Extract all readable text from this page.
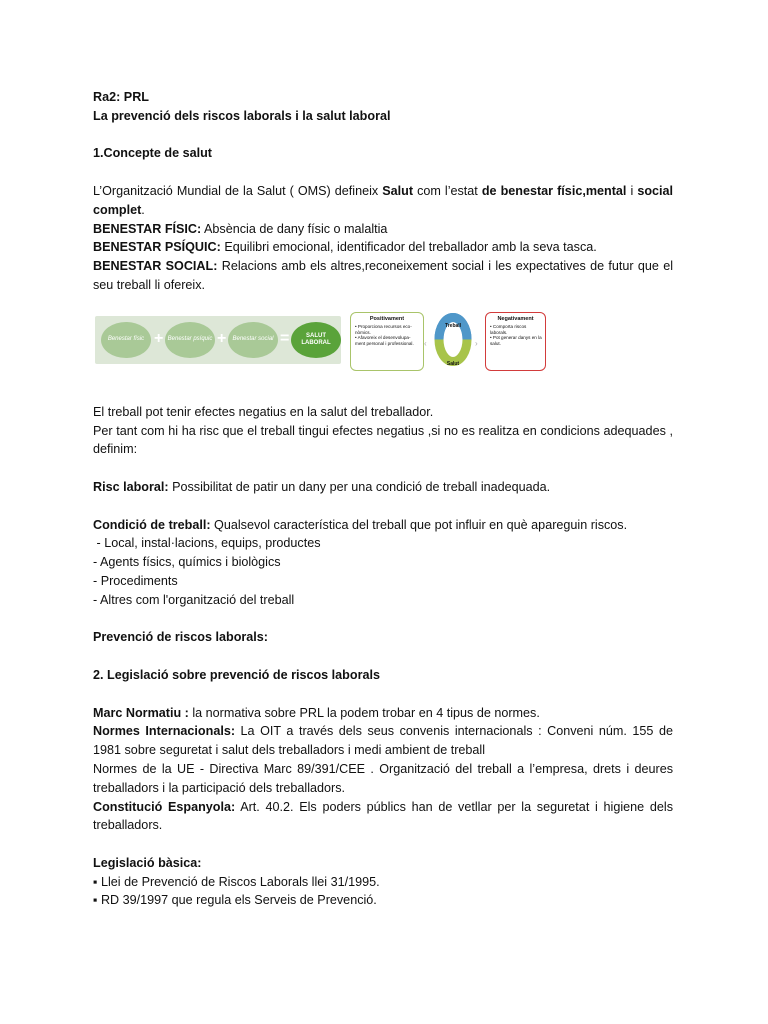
Ra2: PRL

La prevenció dels riscos laborals i la salut laboral

1.Concepte de salut

L’Organització Mundial de la Salut ( OMS) defineix Salut com l’estat de benestar físic,mental i social complet.

BENESTAR FÍSIC: Absència de dany físic o malaltia

BENESTAR PSÍQUIC: Equilibri emocional, identificador del treballador amb la seva tasca.

BENESTAR SOCIAL: Relacions amb els altres,reconeixement social i les expectatives de futur que el seu treball li ofereix.

Benestar físic + Benestar psíquic +	Benestar social =	SALUT LABORAL
Positivament
• Proporciona recursos eco-nòmics.
• Afavoreix el desenvolupa-ment personal i professional.	‹
Treball
Salut
›
Negativament
• Comporta riscos laborals.
• Pot generar danys en la salut.

El treball pot tenir efectes negatius en la salut del treballador.

Per tant com hi ha risc que el treball tingui efectes negatius ,si no es realitza en condicions adequades , definim:

Risc laboral: Possibilitat de patir un dany per una condició de treball inadequada.

Condició de treball: Qualsevol característica del treball que pot influir en què apareguin riscos.

- Local, instal·lacions, equips, productes
- Agents físics, químics i biològics
- Procediments
- Altres com l'organització del treball

Prevenció de riscos laborals:

2. Legislació sobre prevenció de riscos laborals

Marc Normatiu : la normativa sobre PRL la podem trobar en 4 tipus de normes.

Normes Internacionals: La OIT a través dels seus convenis internacionals : Conveni núm. 155 de 1981 sobre seguretat i salut dels treballadors i medi ambient de treball

Normes de la UE - Directiva Marc 89/391/CEE . Organització del treball a l’empresa, drets i deures treballadors i la participació dels treballadors.

Constitució Espanyola: Art. 40.2. Els poders públics han de vetllar per la seguretat i higiene dels treballadors.

Legislació bàsica:

▪ Llei de Prevenció de Riscos Laborals llei 31/1995.

▪ RD 39/1997 que regula els Serveis de Prevenció.
